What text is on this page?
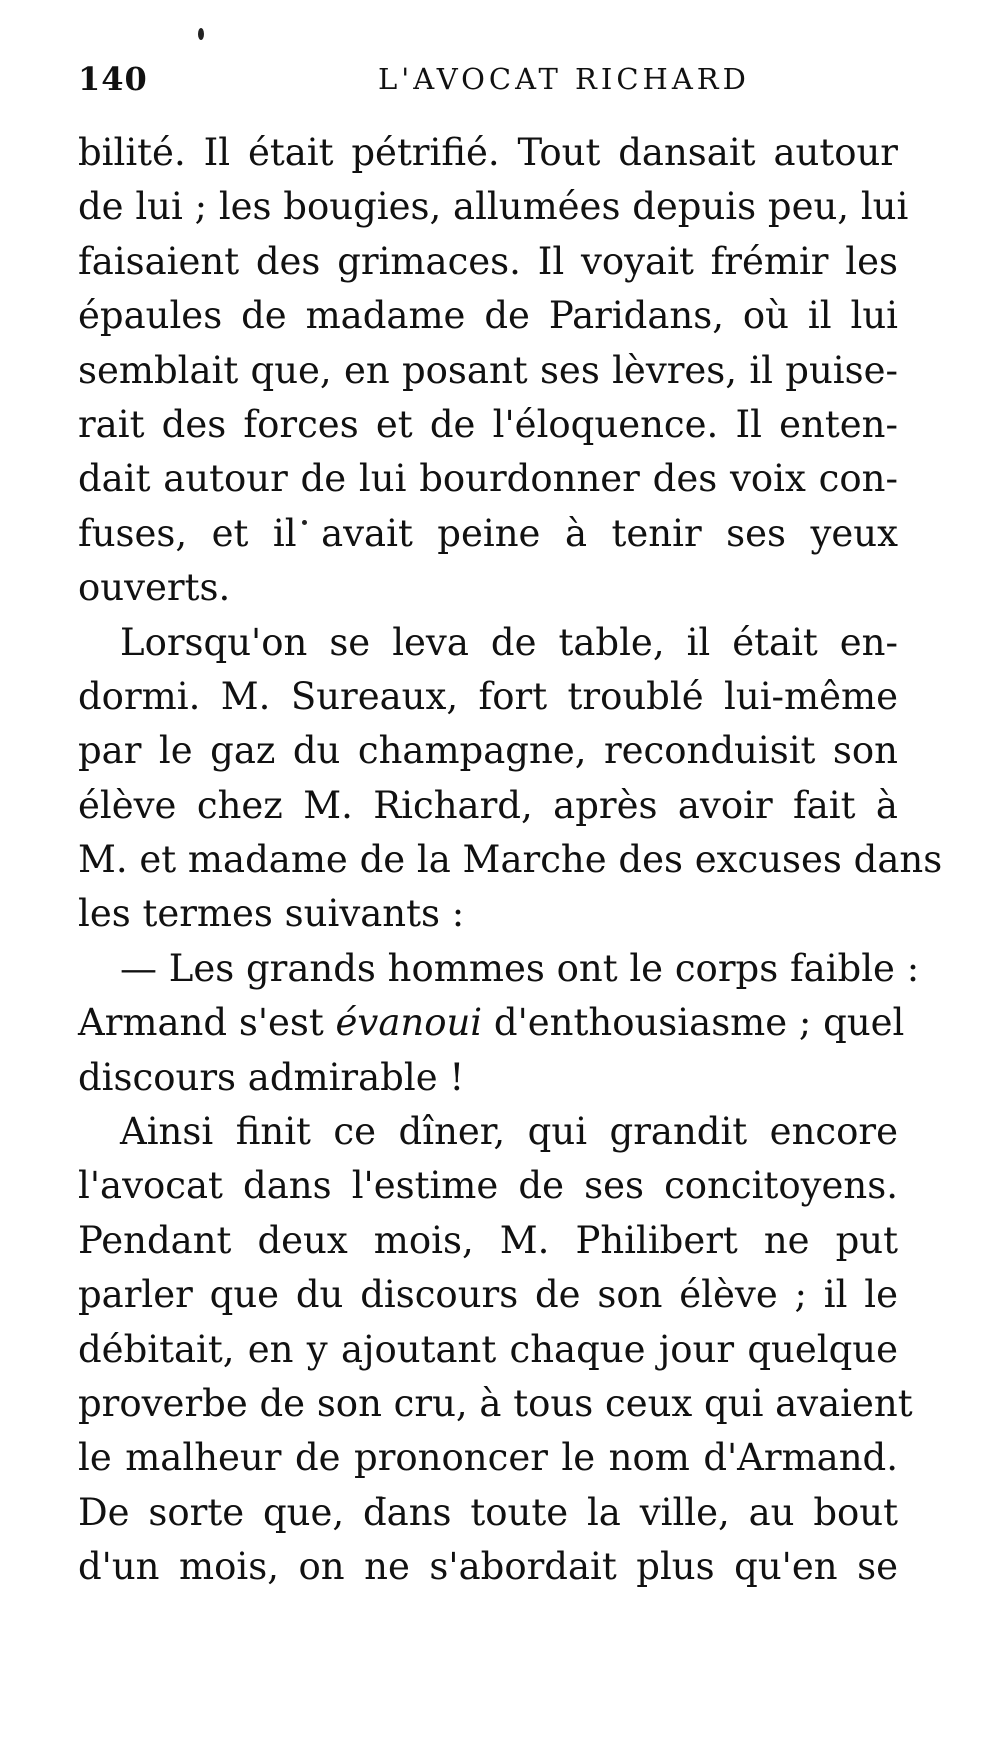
140	L'AVOCAT RICHARD
bilité. Il était pétrifié. Tout dansait autour
de lui ; les bougies, allumées depuis peu, lui
faisaient des grimaces. Il voyait frémir les
épaules de madame de Paridans, où il lui
semblait que, en posant ses lèvres, il puise-
rait des forces et de l'éloquence. Il enten-
dait autour de lui bourdonner des voix con-
fuses, et il avait peine à tenir ses yeux
ouverts.
Lorsqu'on se leva de table, il était en-
dormi. M. Sureaux, fort troublé lui-même
par le gaz du champagne, reconduisit son
élève chez M. Richard, après avoir fait à
M. et madame de la Marche des excuses dans
les termes suivants :
— Les grands hommes ont le corps faible :
Armand s'est évanoui d'enthousiasme ; quel
discours admirable !
Ainsi finit ce dîner, qui grandit encore
l'avocat dans l'estime de ses concitoyens.
Pendant deux mois, M. Philibert ne put
parler que du discours de son élève ; il le
débitait, en y ajoutant chaque jour quelque
proverbe de son cru, à tous ceux qui avaient
le malheur de prononcer le nom d'Armand.
De sorte que, dans toute la ville, au bout
d'un mois, on ne s'abordait plus qu'en se
